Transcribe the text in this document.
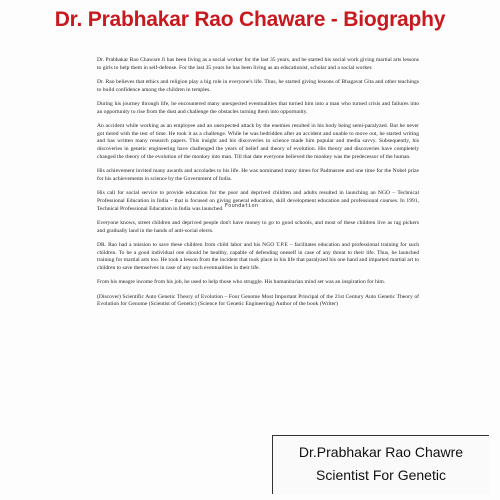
Dr. Prabhakar Rao Chaware - Biography

Dr. Prabhakar Rao Chaware Ji has been living as a social worker for the last 35 years, and he started his social work giving martial arts lessons to girls to help them in self-defense. For the last 35 years he has been living as an educationist, scholar and a social worker.

Dr. Rao believes that ethics and religion play a big role in everyone's life. Thus, he started giving lessons of Bhagavat Gita and other teachings to build confidence among the children in temples.

During his journey through life, he encountered many unexpected eventualities that turned him into a man who turned crisis and failures into an opportunity to rise from the dust and challenge the obstacles turning them into opportunity.

An accident while working as an employee and an unexpected attack by the enemies resulted in his body being semi-paralyzed. But he never got tiered with the test of time. He took it as a challenge. While he was bedridden after an accident and unable to move out, he started writing and has written many research papers. This insight and his discoveries in science made him popular and media savvy. Subsequently, his discoveries in genetic engineering have challenged the years of belief and theory of evolution. His theory and discoveries have completely changed the theory of the evolution of the monkey into man. Till that date everyone believed the monkey was the predecessor of the human.

His achievement invited many awards and accolades to his life. He was nominated many times for Padmasree and one time for the Nobel prize for his achievements in science by the Government of India.

His call for social service to provide education for the poor and deprived children and adults resulted in launching an NGO – Technical Professional Education in India – that is focused on giving general education, skill development education and professional courses. In 1991, Technical Professional Education in India was launched. Foundation

Everyone knows, street children and deprived people don't have money to go to good schools, and most of these children live as rag pickers and gradually land in the hands of anti-social elects.

DR. Rao had a mission to save these children from child labor and his NGO T.P.E – facilitates education and professional training for such children. To be a good individual one should be healthy, capable of defending oneself in case of any threat to their life. Thus, he launched training for martial arts too. He took a lesson from the incident that took place in his life that paralyzed his one hand and imparted martial art to children to save themselves in case of any such eventualities in their life.

From his meagre income from his job, he used to help those who struggle. His humanitarian mind set was an inspiration for him.

(Discover) Scientific Auto Genetic Theory of Evolution – Four Genome Most Important Principal of the 21st Century Auto Genetic Theory of Evolution for Genome (Scientist of Genetic) (Science for Genetic Engineering) Author of the book (Writer)

Dr.Prabhakar Rao Chawre
Scientist For Genetic
